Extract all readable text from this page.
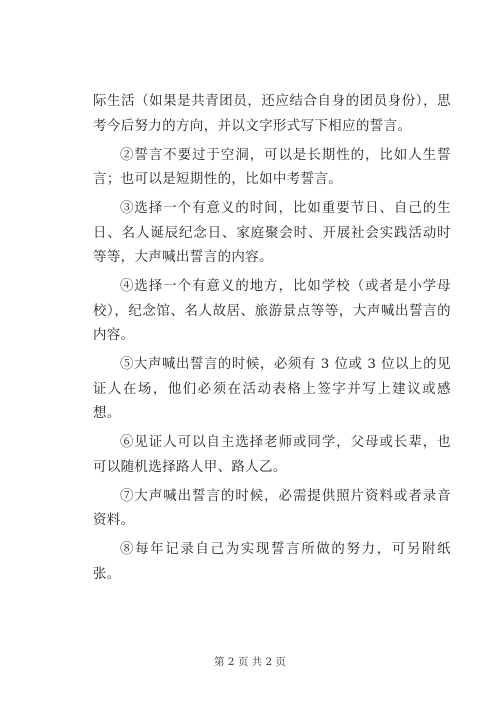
际生活（如果是共青团员，还应结合自身的团员身份），思考今后努力的方向，并以文字形式写下相应的誓言。

②誓言不要过于空洞，可以是长期性的，比如人生誓言；也可以是短期性的，比如中考誓言。

③选择一个有意义的时间，比如重要节日、自己的生日、名人诞辰纪念日、家庭聚会时、开展社会实践活动时等等，大声喊出誓言的内容。

④选择一个有意义的地方，比如学校（或者是小学母校），纪念馆、名人故居、旅游景点等等，大声喊出誓言的内容。

⑤大声喊出誓言的时候，必须有 3 位或 3 位以上的见证人在场，他们必须在活动表格上签字并写上建议或感想。

⑥见证人可以自主选择老师或同学，父母或长辈，也可以随机选择路人甲、路人乙。

⑦大声喊出誓言的时候，必需提供照片资料或者录音资料。

⑧每年记录自己为实现誓言所做的努力，可另附纸张。

第 2 页 共 2 页
